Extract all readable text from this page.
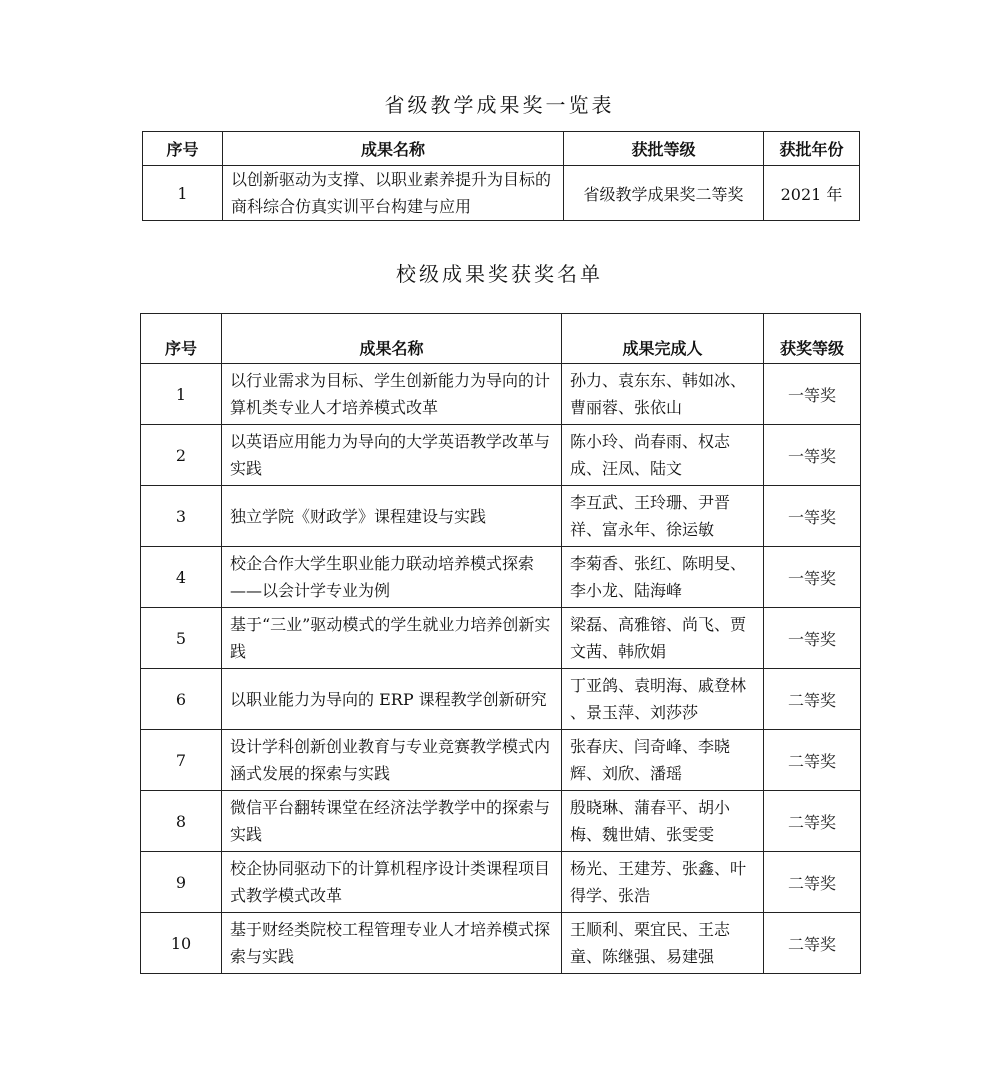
省级教学成果奖一览表
序号	成果名称	获批等级	获批年份
1	以创新驱动为支撑、以职业素养提升为目标的商科综合仿真实训平台构建与应用	省级教学成果奖二等奖	2021 年
校级成果奖获奖名单
序号	成果名称	成果完成人	获奖等级
1	以行业需求为目标、学生创新能力为导向的计算机类专业人才培养模式改革	孙力、袁东东、韩如冰、曹丽蓉、张依山	一等奖
2	以英语应用能力为导向的大学英语教学改革与实践	陈小玲、尚春雨、权志成、汪凤、陆文	一等奖
3	独立学院《财政学》课程建设与实践	李互武、王玲珊、尹晋祥、富永年、徐运敏	一等奖
4	校企合作大学生职业能力联动培养模式探索——以会计学专业为例	李菊香、张红、陈明旻、李小龙、陆海峰	一等奖
5	基于“三业”驱动模式的学生就业力培养创新实践	梁磊、高雅镕、尚飞、贾文茜、韩欣娟	一等奖
6	以职业能力为导向的 ERP 课程教学创新研究	丁亚鸽、袁明海、戚登林 、景玉萍、刘莎莎	二等奖
7	设计学科创新创业教育与专业竞赛教学模式内涵式发展的探索与实践	张春庆、闫奇峰、李晓辉、刘欣、潘瑶	二等奖
8	微信平台翻转课堂在经济法学教学中的探索与实践	殷晓琳、蒲春平、胡小梅、魏世婧、张雯雯	二等奖
9	校企协同驱动下的计算机程序设计类课程项目式教学模式改革	杨光、王建芳、张鑫、叶得学、张浩	二等奖
10	基于财经类院校工程管理专业人才培养模式探索与实践	王顺利、栗宜民、王志童、陈继强、易建强	二等奖
